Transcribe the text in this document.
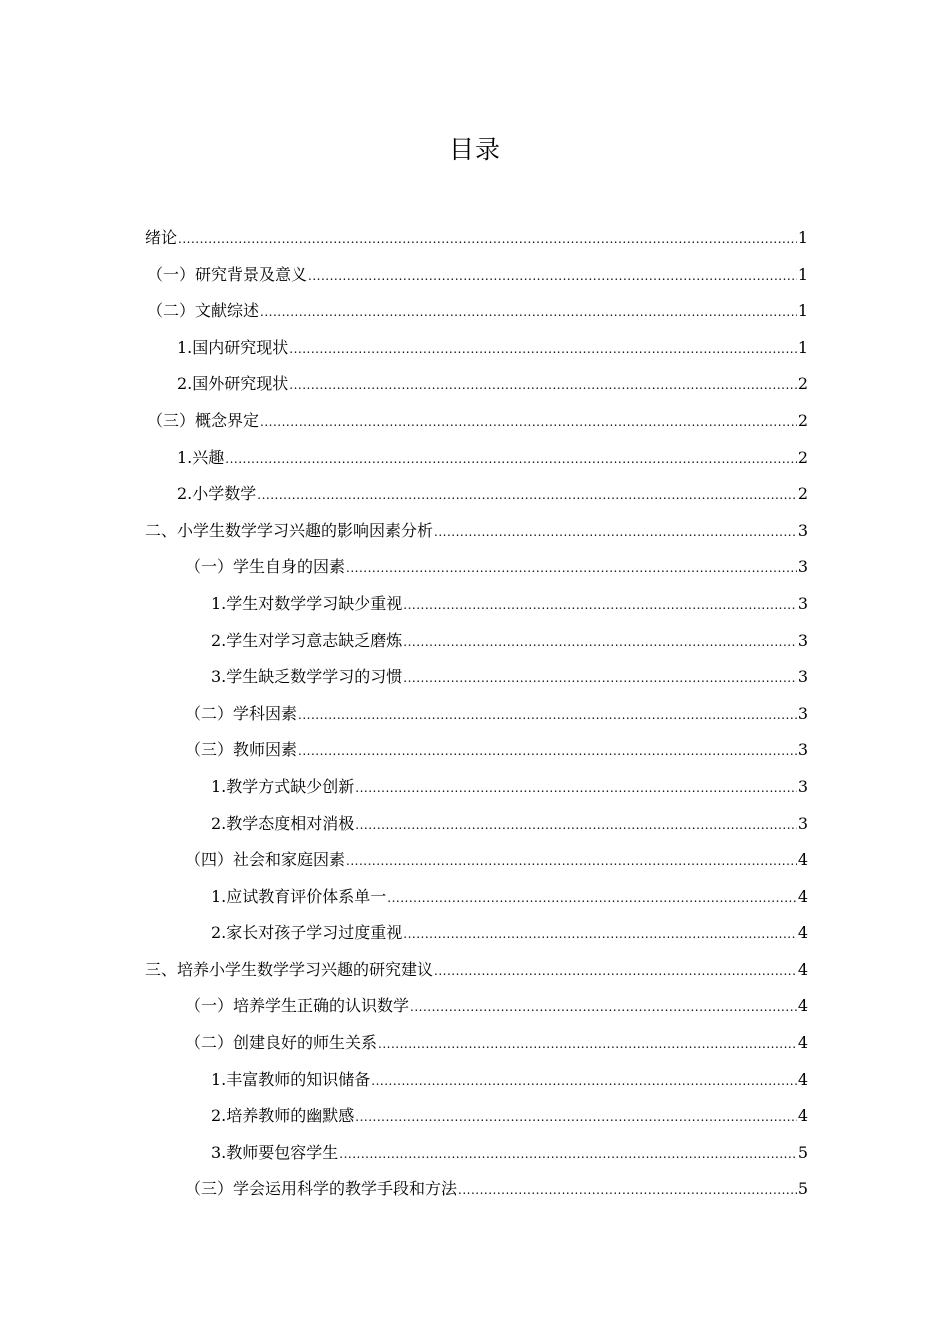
目录
绪论 .....	1
（一）研究背景及意义 .....	1
（二）文献综述 .....	1
1.国内研究现状 .....	1
2.国外研究现状 .....	2
（三）概念界定 .....	2
1.兴趣 .....	2
2.小学数学 .....	2
二、小学生数学学习兴趣的影响因素分析 .....	3
（一）学生自身的因素 .....	3
1.学生对数学学习缺少重视 .....	3
2.学生对学习意志缺乏磨炼 .....	3
3.学生缺乏数学学习的习惯 .....	3
（二）学科因素 .....	3
（三）教师因素 .....	3
1.教学方式缺少创新 .....	3
2.教学态度相对消极 .....	3
（四）社会和家庭因素 .....	4
1.应试教育评价体系单一 .....	4
2.家长对孩子学习过度重视 .....	4
三、培养小学生数学学习兴趣的研究建议 .....	4
（一）培养学生正确的认识数学 .....	4
（二）创建良好的师生关系 .....	4
1.丰富教师的知识储备 .....	4
2.培养教师的幽默感 .....	4
3.教师要包容学生 .....	5
（三）学会运用科学的教学手段和方法 .....	5
